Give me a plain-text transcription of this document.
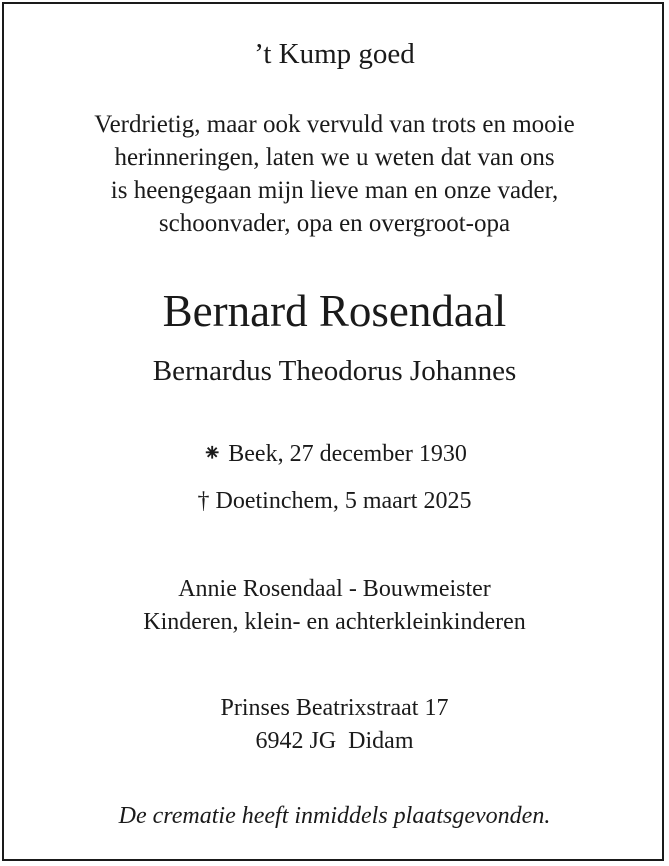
’t Kump goed
Verdrietig, maar ook vervuld van trots en mooie
herinneringen, laten we u weten dat van ons
is heengegaan mijn lieve man en onze vader,
schoonvader, opa en overgroot-opa
Bernard Rosendaal
Bernardus Theodorus Johannes
⁕ Beek, 27 december 1930
† Doetinchem, 5 maart 2025
Annie Rosendaal - Bouwmeister
Kinderen, klein- en achterkleinkinderen
Prinses Beatrixstraat 17
6942 JG  Didam
De crematie heeft inmiddels plaatsgevonden.
